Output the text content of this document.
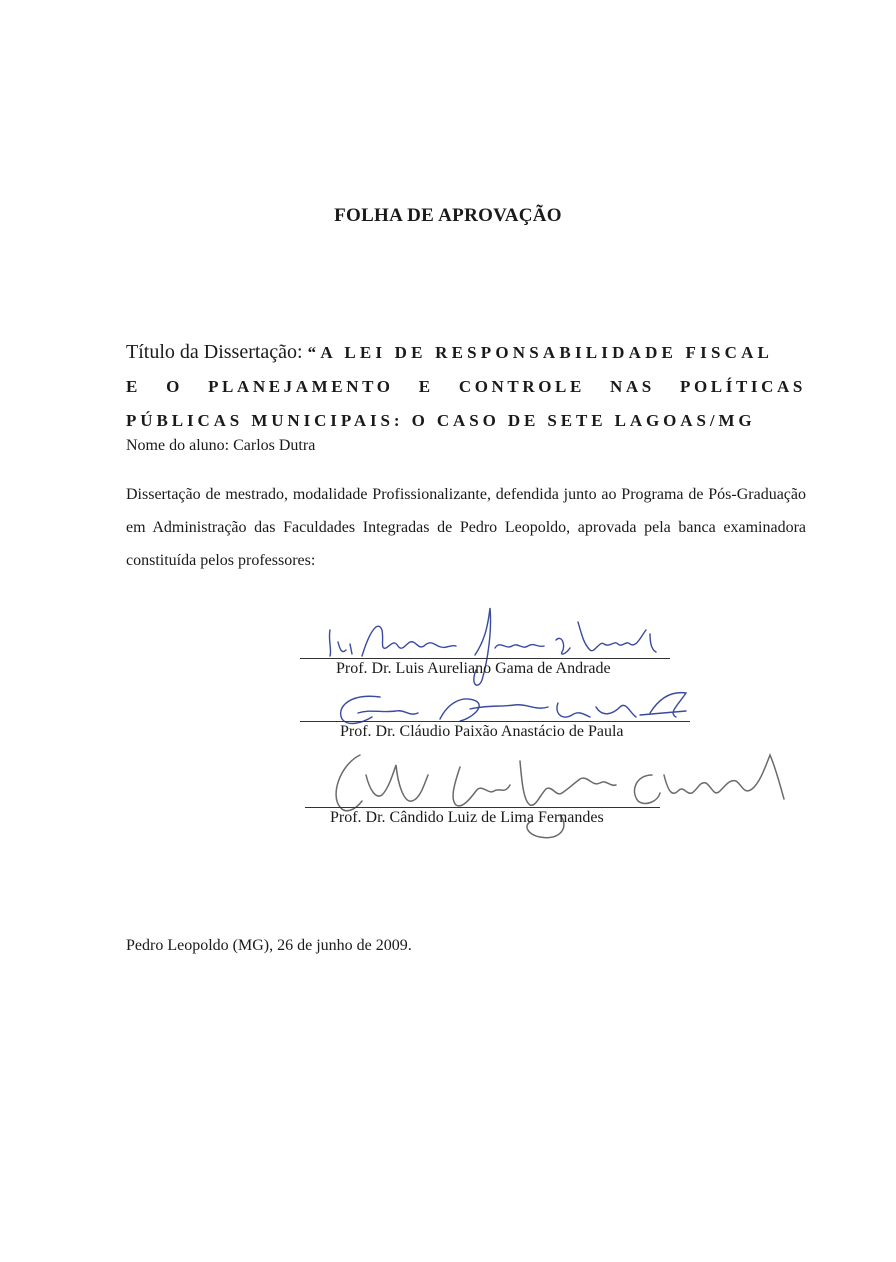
FOLHA DE APROVAÇÃO
Título da Dissertação: “A LEI DE RESPONSABILIDADE FISCAL
E O PLANEJAMENTO E CONTROLE NAS POLÍTICAS
PÚBLICAS MUNICIPAIS: O CASO DE SETE LAGOAS/MG
Nome do aluno: Carlos Dutra
Dissertação de mestrado, modalidade Profissionalizante, defendida junto ao Programa de Pós-Graduação em Administração das Faculdades Integradas de Pedro Leopoldo, aprovada pela banca examinadora constituída pelos professores:
Prof. Dr. Luis Aureliano Gama de Andrade
Prof. Dr. Cláudio Paixão Anastácio de Paula
Prof. Dr. Cândido Luiz de Lima Fernandes
Pedro Leopoldo (MG), 26 de junho de 2009.
